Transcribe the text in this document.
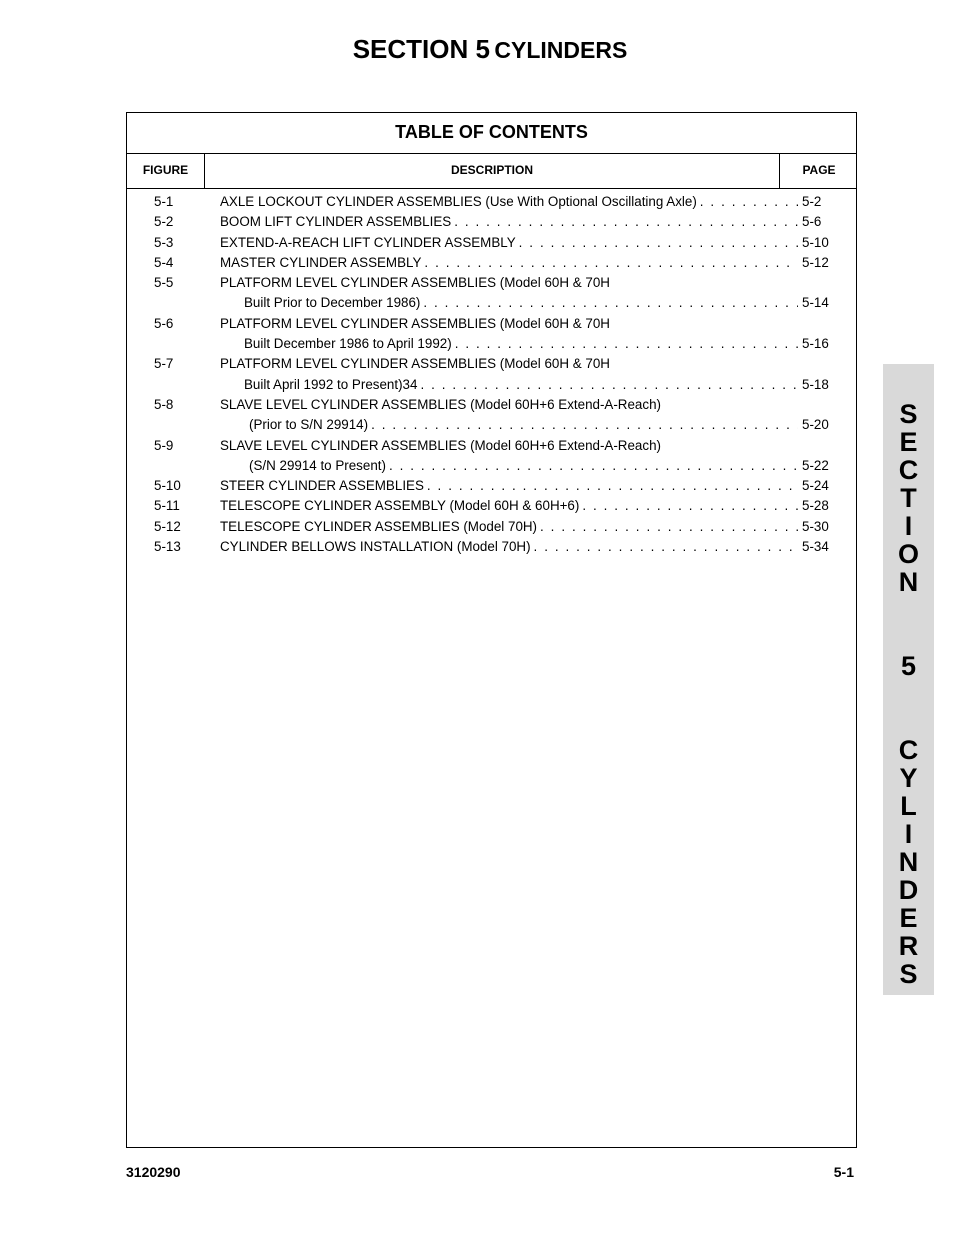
SECTION 5 CYLINDERS
TABLE OF CONTENTS
FIGURE	DESCRIPTION	PAGE
5-1	AXLE LOCKOUT CYLINDER ASSEMBLIES (Use With Optional Oscillating Axle) . . .	5-2
5-2	BOOM LIFT CYLINDER ASSEMBLIES . . .	5-6
5-3	EXTEND-A-REACH LIFT CYLINDER ASSEMBLY . . .	5-10
5-4	MASTER CYLINDER ASSEMBLY . . .	5-12
5-5	PLATFORM LEVEL CYLINDER ASSEMBLIES (Model 60H & 70H
Built Prior to December 1986) . . .	5-14
5-6	PLATFORM LEVEL CYLINDER ASSEMBLIES (Model 60H & 70H
Built December 1986 to April 1992) . . .	5-16
5-7	PLATFORM LEVEL CYLINDER ASSEMBLIES (Model 60H & 70H
Built April 1992 to Present)34 . . .	5-18
5-8	SLAVE LEVEL CYLINDER ASSEMBLIES (Model 60H+6 Extend-A-Reach)
(Prior to S/N 29914) . . .	5-20
5-9	SLAVE LEVEL CYLINDER ASSEMBLIES (Model 60H+6 Extend-A-Reach)
(S/N 29914 to Present) . . .	5-22
5-10	STEER CYLINDER ASSEMBLIES . . .	5-24
5-11	TELESCOPE CYLINDER ASSEMBLY (Model 60H & 60H+6) . . .	5-28
5-12	TELESCOPE CYLINDER ASSEMBLIES (Model 70H) . . .	5-30
5-13	CYLINDER BELLOWS INSTALLATION (Model 70H) . . .	5-34
S
E
C
T
I
O
N
5
C
Y
L
I
N
D
E
R
S
3120290	5-1
